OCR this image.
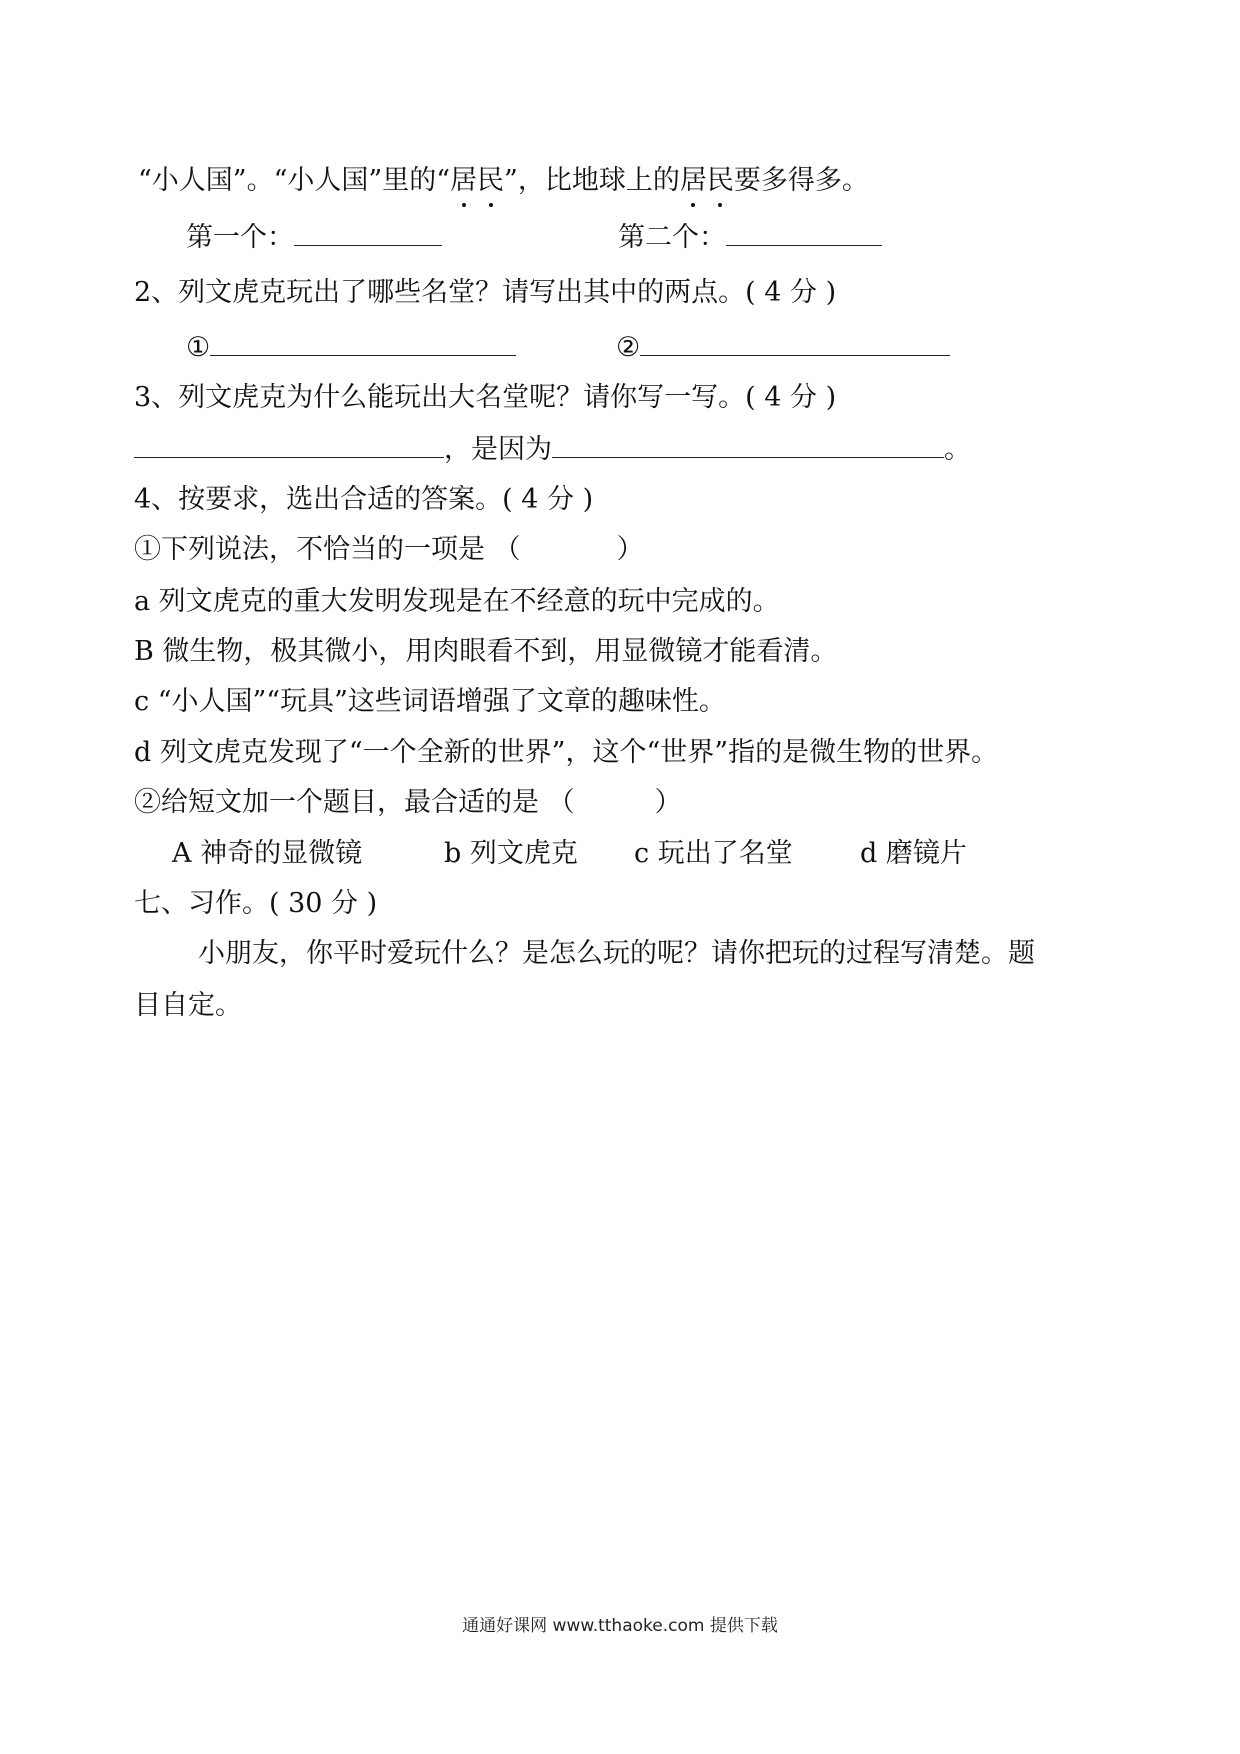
“小人国”。“小人国”里的“居民”，比地球上的居民要多得多。
第一个：	第二个：
2、列文虎克玩出了哪些名堂？请写出其中的两点。( 4 分 )
①	②
3、列文虎克为什么能玩出大名堂呢？请你写一写。( 4 分 )
，是因为	。
4、按要求，选出合适的答案。( 4 分 )
①下列说法，不恰当的一项是 （	）
a 列文虎克的重大发明发现是在不经意的玩中完成的。
B 微生物，极其微小，用肉眼看不到，用显微镜才能看清。
c “小人国”“玩具”这些词语增强了文章的趣味性。
d 列文虎克发现了“一个全新的世界”，这个“世界”指的是微生物的世界。
②给短文加一个题目，最合适的是 （	）
A 神奇的显微镜	b 列文虎克 c 玩出了名堂 d 磨镜片
七、习作。( 30 分 )
小朋友，你平时爱玩什么？是怎么玩的呢？请你把玩的过程写清楚。题
目自定。
通通好课网 www.tthaoke.com 提供下载
